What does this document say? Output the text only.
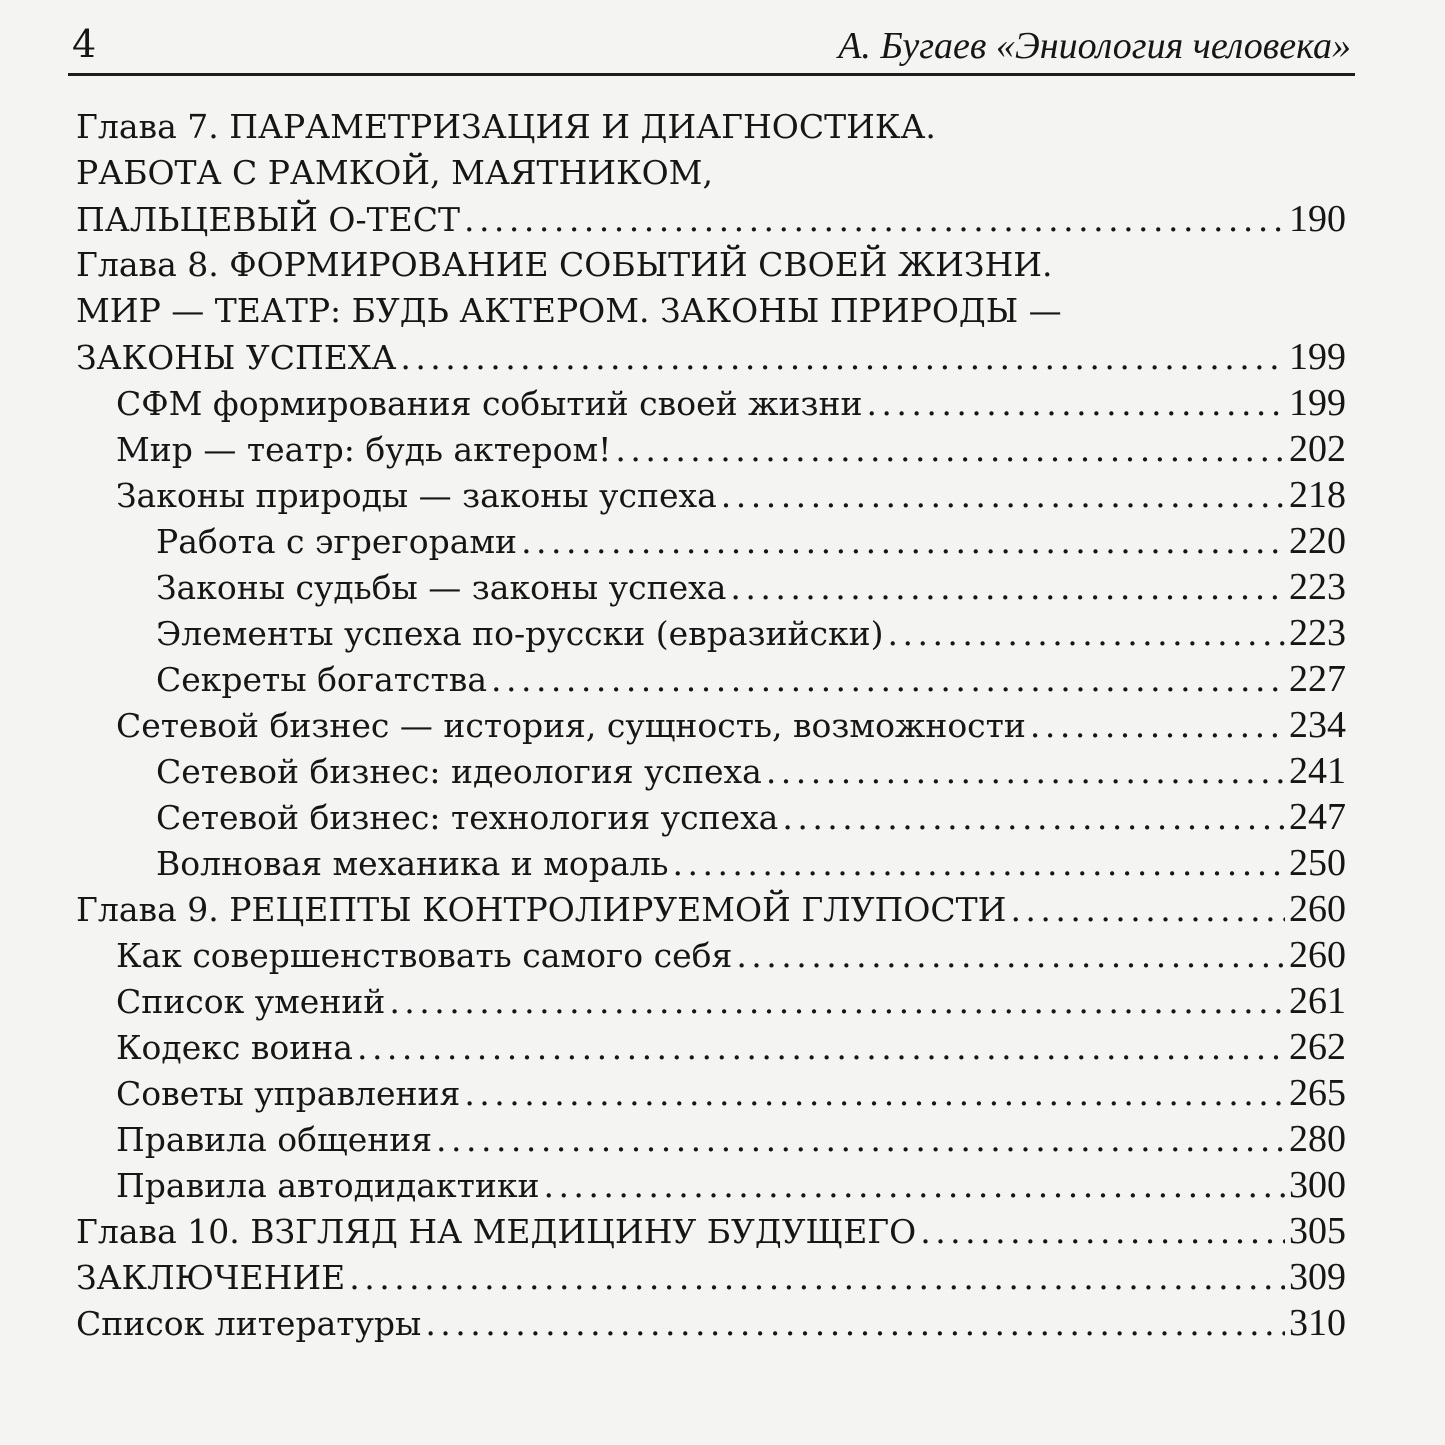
4	А. Бугаев «Эниология человека»
Глава 7. ПАРАМЕТРИЗАЦИЯ И ДИАГНОСТИКА.
РАБОТА С РАМКОЙ, МАЯТНИКОМ,
ПАЛЬЦЕВЫЙ О-ТЕСТ . . .	190
Глава 8. ФОРМИРОВАНИЕ СОБЫТИЙ СВОЕЙ ЖИЗНИ.
МИР — ТЕАТР: БУДЬ АКТЕРОМ. ЗАКОНЫ ПРИРОДЫ —
ЗАКОНЫ УСПЕХА . . .	199
СФМ формирования событий своей жизни . . .	199
Мир — театр: будь актером! . . .	202
Законы природы — законы успеха . . .	218
Работа с эгрегорами . . .	220
Законы судьбы — законы успеха . . .	223
Элементы успеха по-русски (евразийски) . . .	223
Секреты богатства . . .	227
Сетевой бизнес — история, сущность, возможности . . .	234
Сетевой бизнес: идеология успеха . . .	241
Сетевой бизнес: технология успеха . . .	247
Волновая механика и мораль . . .	250
Глава 9. РЕЦЕПТЫ КОНТРОЛИРУЕМОЙ ГЛУПОСТИ . . .	260
Как совершенствовать самого себя . . .	260
Список умений . . .	261
Кодекс воина . . .	262
Советы управления . . .	265
Правила общения . . .	280
Правила автодидактики . . .	300
Глава 10. ВЗГЛЯД НА МЕДИЦИНУ БУДУЩЕГО . . .	305
ЗАКЛЮЧЕНИЕ . . .	309
Список литературы . . .	310
